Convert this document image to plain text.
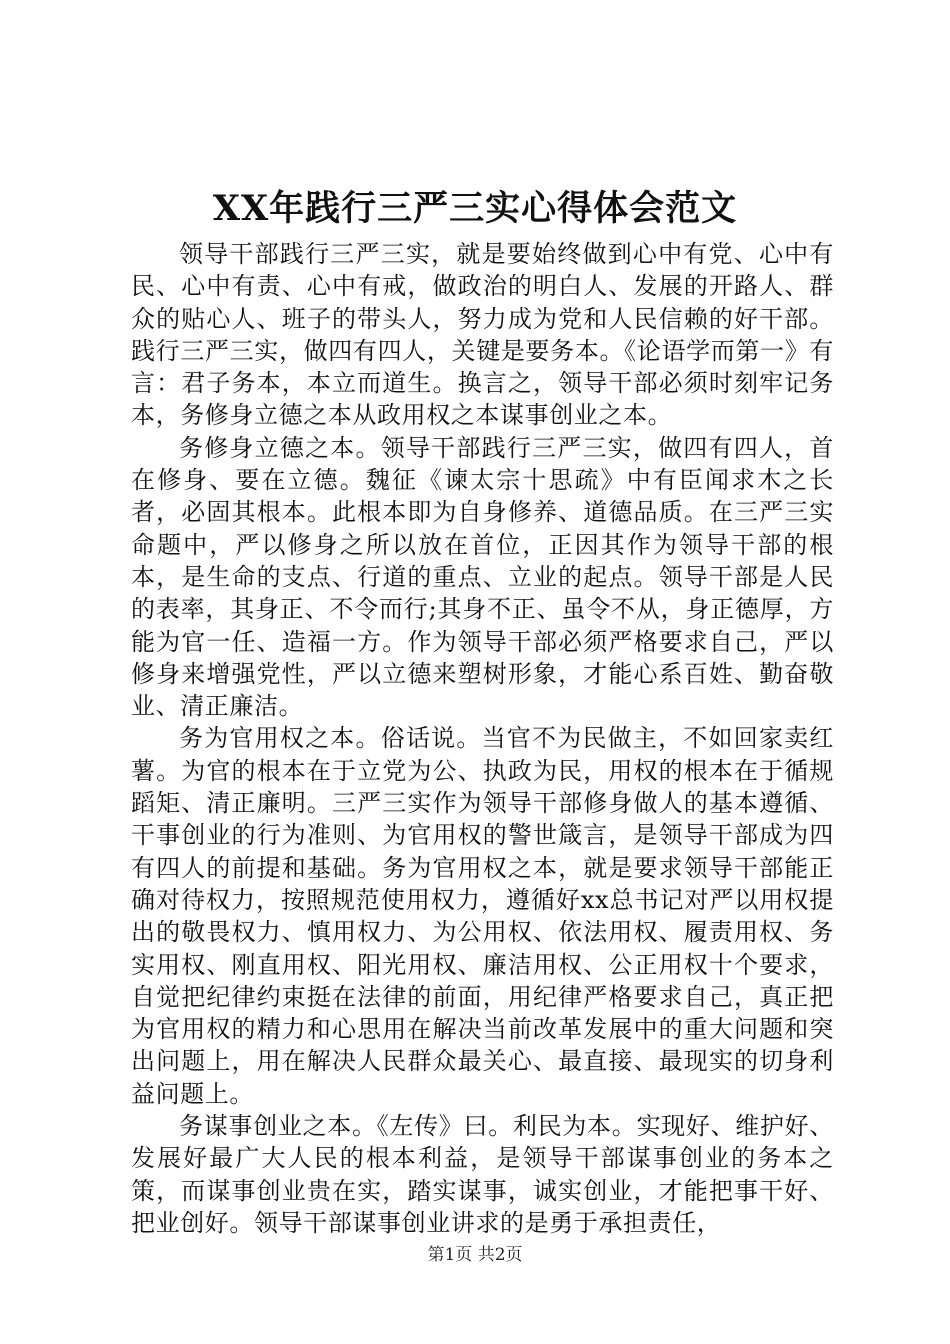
XX年践行三严三实心得体会范文

领导干部践行三严三实，就是要始终做到心中有党、心中有民、心中有责、心中有戒，做政治的明白人、发展的开路人、群众的贴心人、班子的带头人，努力成为党和人民信赖的好干部。践行三严三实，做四有四人，关键是要务本。《论语学而第一》有言：君子务本，本立而道生。换言之，领导干部必须时刻牢记务本，务修身立德之本从政用权之本谋事创业之本。

务修身立德之本。领导干部践行三严三实，做四有四人，首在修身、要在立德。魏征《谏太宗十思疏》中有臣闻求木之长者，必固其根本。此根本即为自身修养、道德品质。在三严三实命题中，严以修身之所以放在首位，正因其作为领导干部的根本，是生命的支点、行道的重点、立业的起点。领导干部是人民的表率，其身正、不令而行;其身不正、虽令不从，身正德厚，方能为官一任、造福一方。作为领导干部必须严格要求自己，严以修身来增强党性，严以立德来塑树形象，才能心系百姓、勤奋敬业、清正廉洁。

务为官用权之本。俗话说。当官不为民做主，不如回家卖红薯。为官的根本在于立党为公、执政为民，用权的根本在于循规蹈矩、清正廉明。三严三实作为领导干部修身做人的基本遵循、干事创业的行为准则、为官用权的警世箴言，是领导干部成为四有四人的前提和基础。务为官用权之本，就是要求领导干部能正确对待权力，按照规范使用权力，遵循好xx总书记对严以用权提出的敬畏权力、慎用权力、为公用权、依法用权、履责用权、务实用权、刚直用权、阳光用权、廉洁用权、公正用权十个要求，自觉把纪律约束挺在法律的前面，用纪律严格要求自己，真正把为官用权的精力和心思用在解决当前改革发展中的重大问题和突出问题上，用在解决人民群众最关心、最直接、最现实的切身利益问题上。

务谋事创业之本。《左传》曰。利民为本。实现好、维护好、发展好最广大人民的根本利益，是领导干部谋事创业的务本之策，而谋事创业贵在实，踏实谋事，诚实创业，才能把事干好、把业创好。领导干部谋事创业讲求的是勇于承担责任，

第1页 共2页
